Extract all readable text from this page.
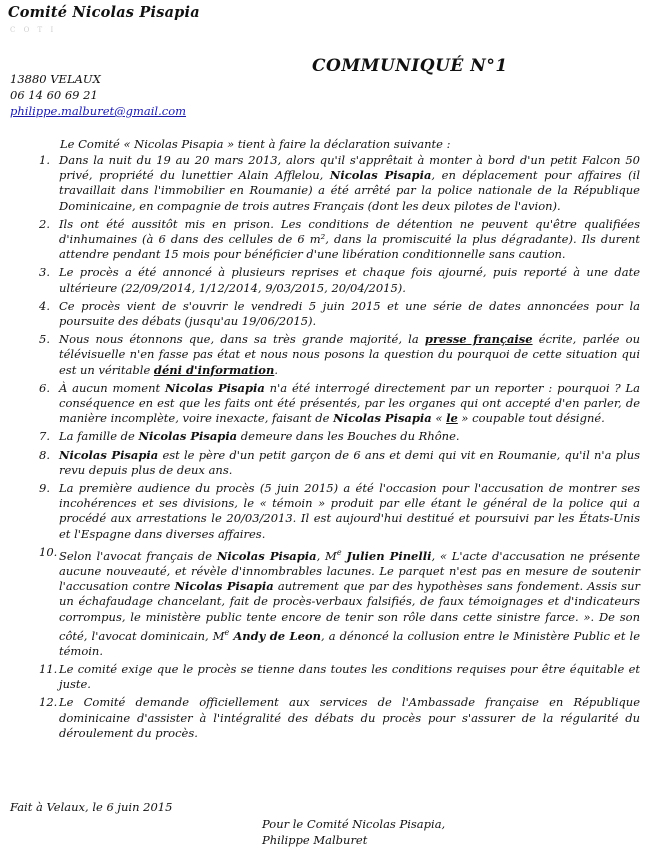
Comité Nicolas Pisapia
C O T I
COMMUNIQUÉ N°1
13880 VELAUX
06 14 60 69 21
philippe.malburet@gmail.com
Le Comité « Nicolas Pisapia » tient à faire la déclaration suivante :
1. Dans la nuit du 19 au 20 mars 2013, alors qu'il s'apprêtait à monter à bord d'un petit Falcon 50 privé, propriété du lunettier Alain Afflelou, Nicolas Pisapia, en déplacement pour affaires (il travaillait dans l'immobilier en Roumanie) a été arrêté par la police nationale de la République Dominicaine, en compagnie de trois autres Français (dont les deux pilotes de l'avion).
2. Ils ont été aussitôt mis en prison. Les conditions de détention ne peuvent qu'être qualifiées d'inhumaines (à 6 dans des cellules de 6 m², dans la promiscuité la plus dégradante). Ils durent attendre pendant 15 mois pour bénéficier d'une libération conditionnelle sans caution.
3. Le procès a été annoncé à plusieurs reprises et chaque fois ajourné, puis reporté à une date ultérieure (22/09/2014, 1/12/2014, 9/03/2015, 20/04/2015).
4. Ce procès vient de s'ouvrir le vendredi 5 juin 2015 et une série de dates annoncées pour la poursuite des débats (jusqu'au 19/06/2015).
5. Nous nous étonnons que, dans sa très grande majorité, la presse française écrite, parlée ou télévisuelle n'en fasse pas état et nous nous posons la question du pourquoi de cette situation qui est un véritable déni d'information.
6. À aucun moment Nicolas Pisapia n'a été interrogé directement par un reporter : pourquoi ? La conséquence en est que les faits ont été présentés, par les organes qui ont accepté d'en parler, de manière incomplète, voire inexacte, faisant de Nicolas Pisapia « le » coupable tout désigné.
7. La famille de Nicolas Pisapia demeure dans les Bouches du Rhône.
8. Nicolas Pisapia est le père d'un petit garçon de 6 ans et demi qui vit en Roumanie, qu'il n'a plus revu depuis plus de deux ans.
9. La première audience du procès (5 juin 2015) a été l'occasion pour l'accusation de montrer ses incohérences et ses divisions, le « témoin » produit par elle étant le général de la police qui a procédé aux arrestations le 20/03/2013. Il est aujourd'hui destitué et poursuivi par les États-Unis et l'Espagne dans diverses affaires.
10. Selon l'avocat français de Nicolas Pisapia, Me Julien Pinelli, « L'acte d'accusation ne présente aucune nouveauté, et révèle d'innombrables lacunes. Le parquet n'est pas en mesure de soutenir l'accusation contre Nicolas Pisapia autrement que par des hypothèses sans fondement. Assis sur un échafaudage chancelant, fait de procès-verbaux falsifiés, de faux témoignages et d'indicateurs corrompus, le ministère public tente encore de tenir son rôle dans cette sinistre farce. ». De son côté, l'avocat dominicain, Me Andy de Leon, a dénoncé la collusion entre le Ministère Public et le témoin.
11. Le comité exige que le procès se tienne dans toutes les conditions requises pour être équitable et juste.
12. Le Comité demande officiellement aux services de l'Ambassade française en République dominicaine d'assister à l'intégralité des débats du procès pour s'assurer de la régularité du déroulement du procès.
Fait à Velaux, le 6 juin 2015
Pour le Comité Nicolas Pisapia,
Philippe Malburet
